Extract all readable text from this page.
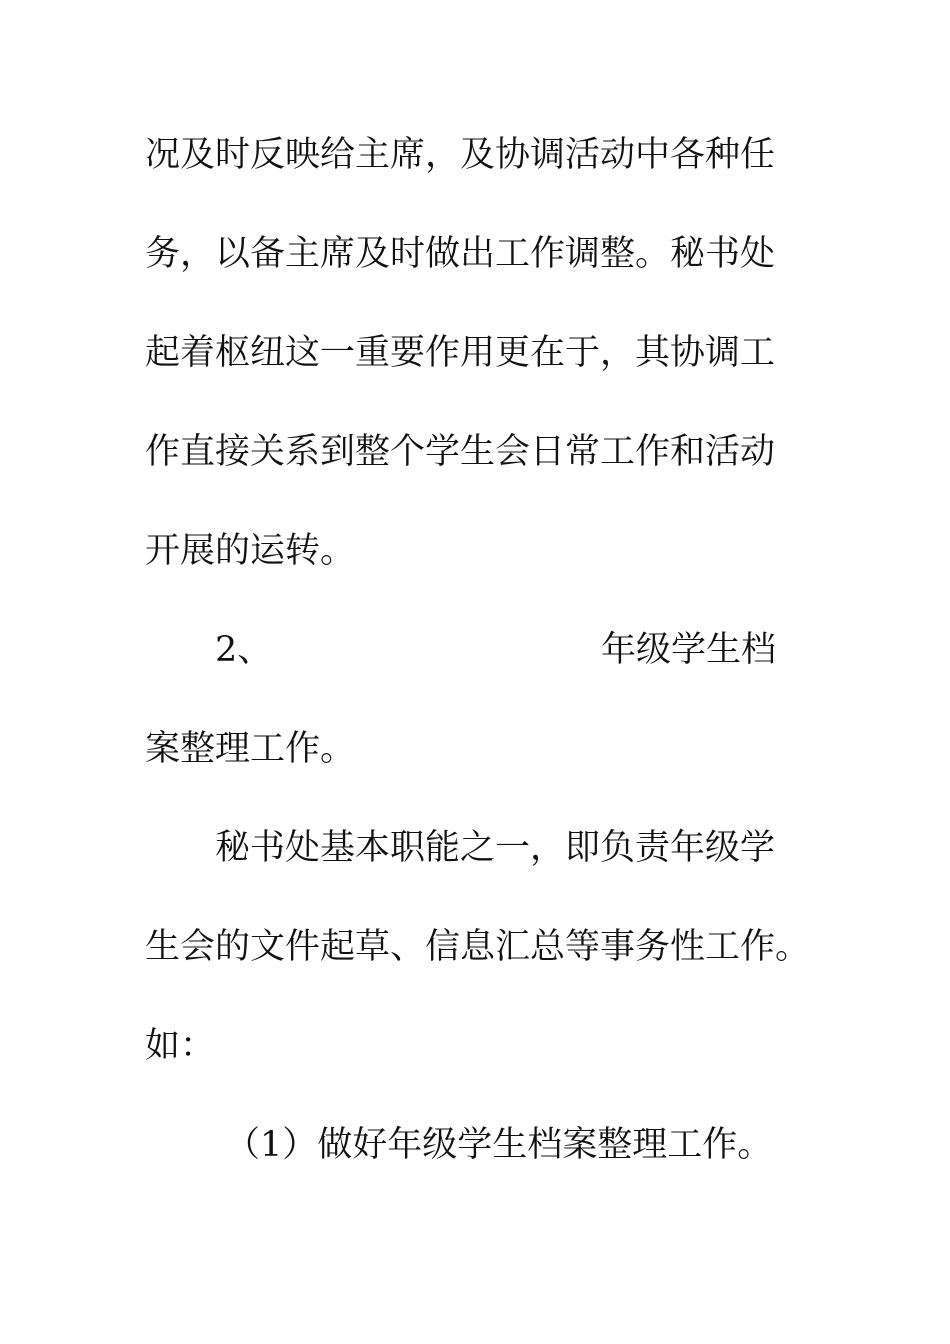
况及时反映给主席，及协调活动中各种任
务，以备主席及时做出工作调整。秘书处
起着枢纽这一重要作用更在于，其协调工
作直接关系到整个学生会日常工作和活动
开展的运转。
2、	年级学生档
案整理工作。
秘书处基本职能之一，即负责年级学
生会的文件起草、信息汇总等事务性工作。
如：
（1）做好年级学生档案整理工作。
